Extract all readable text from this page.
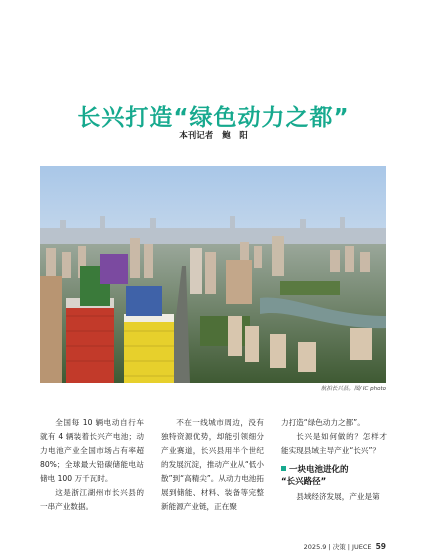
长兴打造“绿色动力之都”
本刊记者 鲍　阳
航拍长兴县。图/ IC photo

全国每 10 辆电动自行车就有 4 辆装着长兴产电池；动力电池产业全国市场占有率超 80%；全球最大铅碳储能电站储电 100 万千瓦时。

这是浙江湖州市长兴县的一串产业数据。

不在一线城市周边，没有独特资源优势，却能引领细分产业赛道，长兴县用半个世纪的发展沉淀，推动产业从“低小散”到“高精尖”。从动力电池拓展到储能、材料、装备等完整新能源产业链，正在聚

力打造“绿色动力之都”。

长兴是如何做的？怎样才能实现县域主导产业“长兴”？

一块电池进化的
“长兴路径”

县域经济发展，产业是第

2025.9 | 决策 | JUECE 59
